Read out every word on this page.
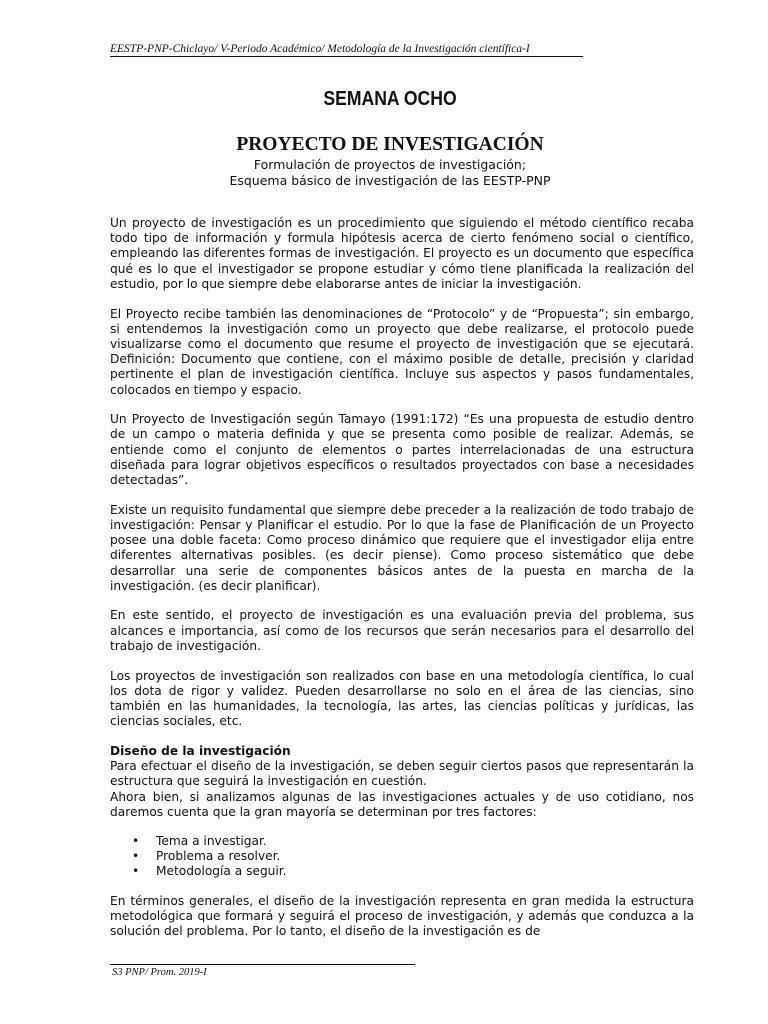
EESTP-PNP-Chiclayo/ V-Periodo Académico/ Metodología de la Investigación científica-I
SEMANA OCHO
PROYECTO DE INVESTIGACIÓN
Formulación de proyectos de investigación;
Esquema básico de investigación de las EESTP-PNP

Un proyecto de investigación es un procedimiento que siguiendo el método científico recaba todo tipo de información y formula hipótesis acerca de cierto fenómeno social o científico, empleando las diferentes formas de investigación. El proyecto es un documento que específica qué es lo que el investigador se propone estudiar y cómo tiene planificada la realización del estudio, por lo que siempre debe elaborarse antes de iniciar la investigación.

El Proyecto recibe también las denominaciones de “Protocolo” y de “Propuesta”; sin embargo, si entendemos la investigación como un proyecto que debe realizarse, el protocolo puede visualizarse como el documento que resume el proyecto de investigación que se ejecutará. Definición: Documento que contiene, con el máximo posible de detalle, precisión y claridad pertinente el plan de investigación científica. Incluye sus aspectos y pasos fundamentales, colocados en tiempo y espacio.

Un Proyecto de Investigación según Tamayo (1991:172) “Es una propuesta de estudio dentro de un campo o materia definida y que se presenta como posible de realizar. Además, se entiende como el conjunto de elementos o partes interrelacionadas de una estructura diseñada para lograr objetivos específicos o resultados proyectados con base a necesidades detectadas”.

Existe un requisito fundamental que siempre debe preceder a la realización de todo trabajo de investigación: Pensar y Planificar el estudio. Por lo que la fase de Planificación de un Proyecto posee una doble faceta: Como proceso dinámico que requiere que el investigador elija entre diferentes alternativas posibles. (es decir piense). Como proceso sistemático que debe desarrollar una serie de componentes básicos antes de la puesta en marcha de la investigación. (es decir planificar).

En este sentido, el proyecto de investigación es una evaluación previa del problema, sus alcances e importancia, así como de los recursos que serán necesarios para el desarrollo del trabajo de investigación.

Los proyectos de investigación son realizados con base en una metodología científica, lo cual los dota de rigor y validez. Pueden desarrollarse no solo en el área de las ciencias, sino también en las humanidades, la tecnología, las artes, las ciencias políticas y jurídicas, las ciencias sociales, etc.

Diseño de la investigación

Para efectuar el diseño de la investigación, se deben seguir ciertos pasos que representarán la estructura que seguirá la investigación en cuestión.

Ahora bien, si analizamos algunas de las investigaciones actuales y de uso cotidiano, nos daremos cuenta que la gran mayoría se determinan por tres factores:

• Tema a investigar.
• Problema a resolver.
• Metodología a seguir.

En términos generales, el diseño de la investigación representa en gran medida la estructura metodológica que formará y seguirá el proceso de investigación, y además que conduzca a la solución del problema. Por lo tanto, el diseño de la investigación es de

S3 PNP/ Prom. 2019-I
